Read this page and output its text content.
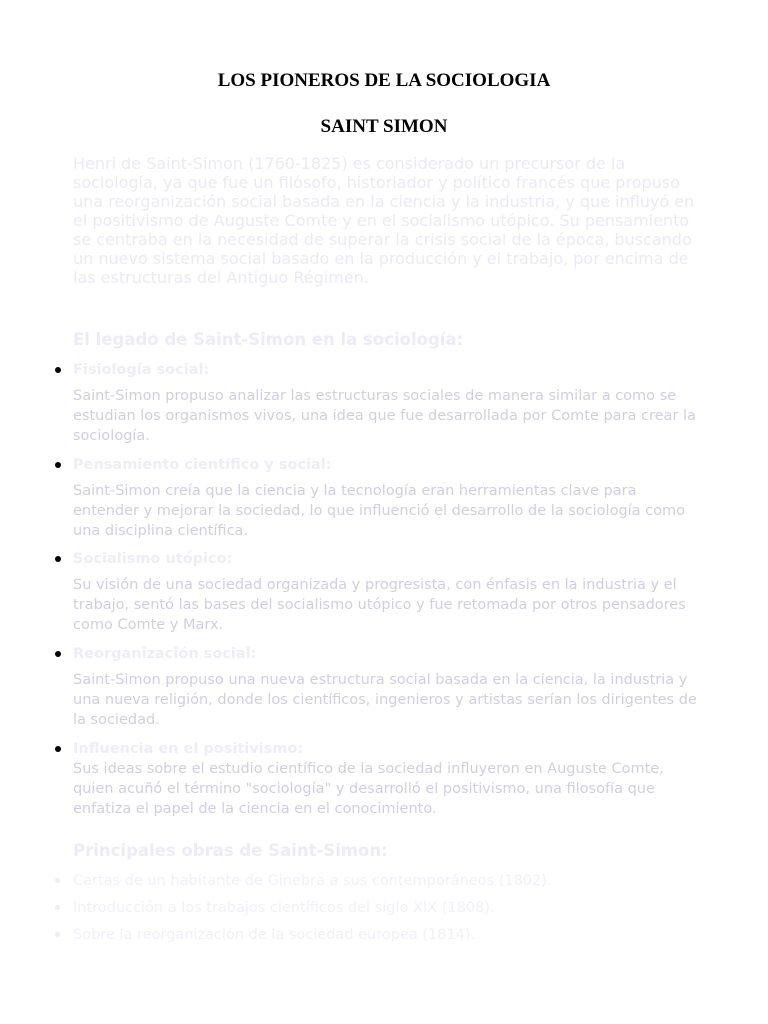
LOS PIONEROS DE LA SOCIOLOGIA
SAINT SIMON
Henri de Saint-Simon (1760-1825) es considerado un precursor de la sociología, ya que fue un filósofo, historiador y político francés que propuso una reorganización social basada en la ciencia y la industria, y que influyó en el positivismo de Auguste Comte y en el socialismo utópico. Su pensamiento se centraba en la necesidad de superar la crisis social de la época, buscando un nuevo sistema social basado en la producción y el trabajo, por encima de las estructuras del Antiguo Régimen.
El legado de Saint-Simon en la sociología:
Fisiología social:
Saint-Simon propuso analizar las estructuras sociales de manera similar a como se estudian los organismos vivos, una idea que fue desarrollada por Comte para crear la sociología.
Pensamiento científico y social:
Saint-Simon creía que la ciencia y la tecnología eran herramientas clave para entender y mejorar la sociedad, lo que influenció el desarrollo de la sociología como una disciplina científica.
Socialismo utópico:
Su visión de una sociedad organizada y progresista, con énfasis en la industria y el trabajo, sentó las bases del socialismo utópico y fue retomada por otros pensadores como Comte y Marx.
Reorganización social:
Saint-Simon propuso una nueva estructura social basada en la ciencia, la industria y una nueva religión, donde los científicos, ingenieros y artistas serían los dirigentes de la sociedad.
Influencia en el positivismo:
Sus ideas sobre el estudio científico de la sociedad influyeron en Auguste Comte, quien acuñó el término "sociología" y desarrolló el positivismo, una filosofía que enfatiza el papel de la ciencia en el conocimiento.
Principales obras de Saint-Simon:
Cartas de un habitante de Ginebra a sus contemporáneos (1802).
Introducción a los trabajos científicos del siglo XIX (1808).
Sobre la reorganización de la sociedad europea (1814).
